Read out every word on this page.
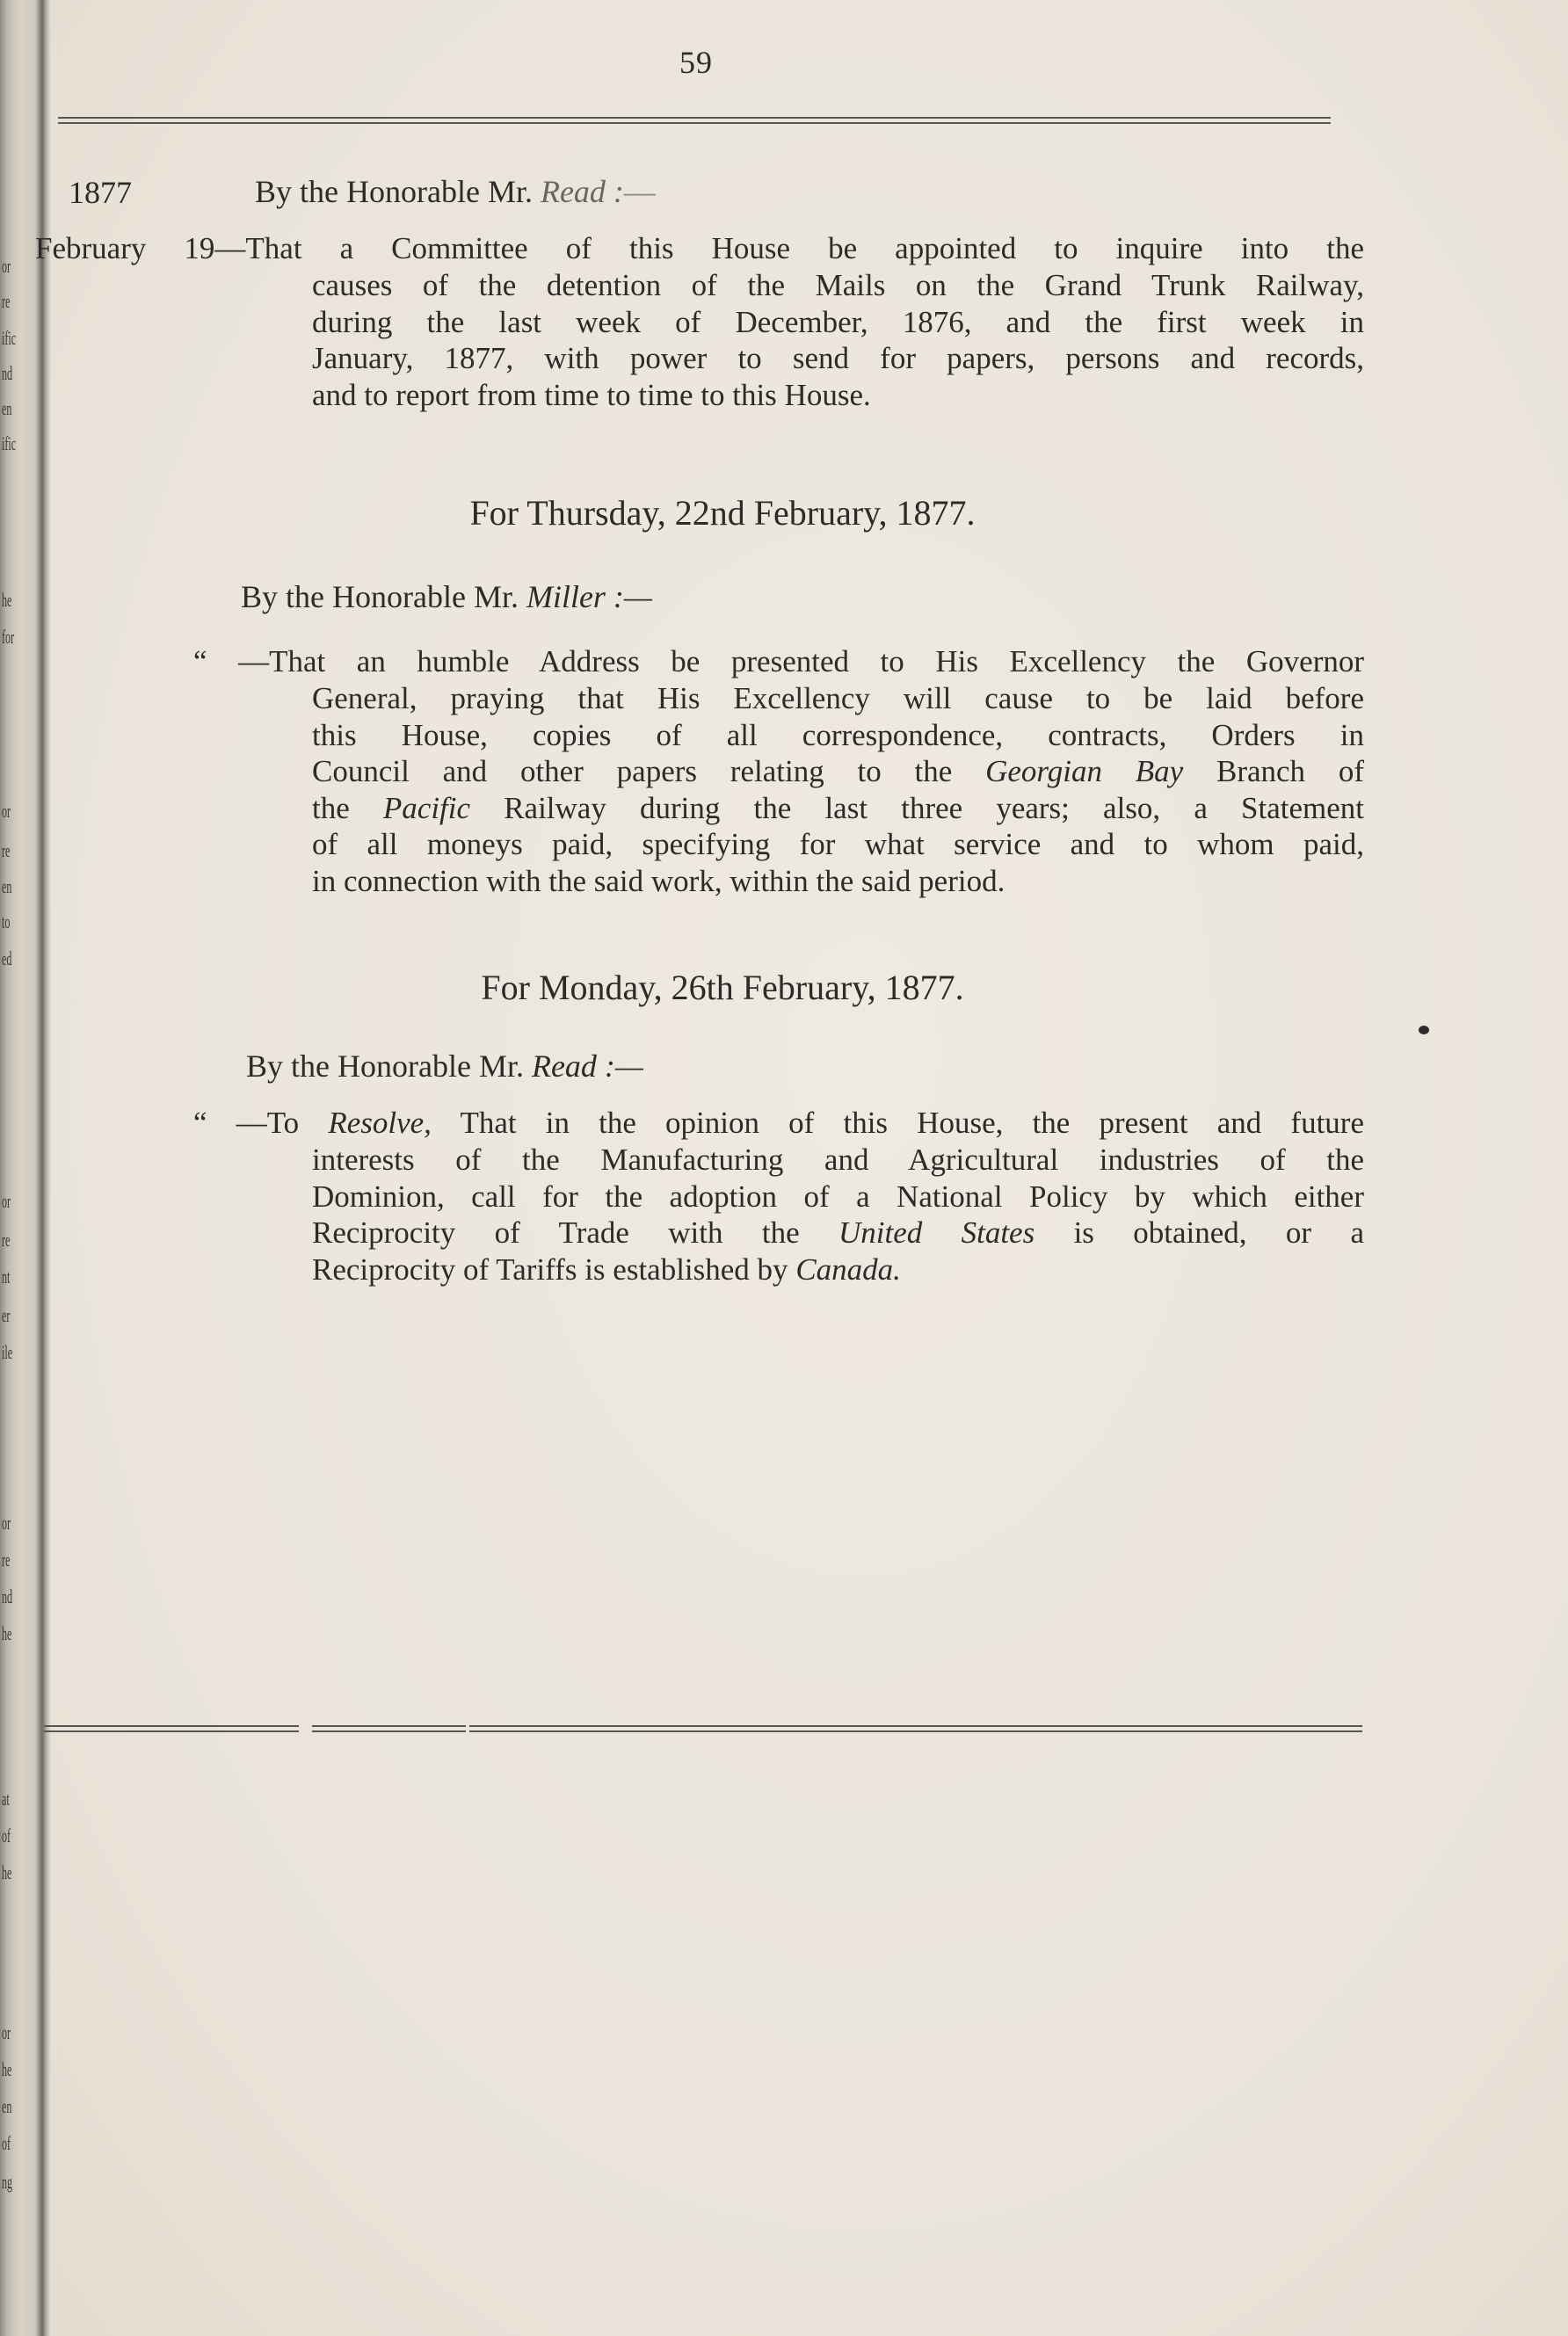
or
re
ific
nd
en
ific
he
for
or
re
en
to
ed
or
re
nt
er
ile
or
re
nd
he
at
of
he
or
he
en
of
ng
59
1877	By the Honorable Mr. Read :—
February 19—That a Committee of this House be appointed to inquire into the
causes of the detention of the Mails on the Grand Trunk Railway,
during the last week of December, 1876, and the first week in
January, 1877, with power to send for papers, persons and records,
and to report from time to time to this House.
For Thursday, 22nd February, 1877.
By the Honorable Mr. Miller :—
“ —That an humble Address be presented to His Excellency the Governor
General, praying that His Excellency will cause to be laid before
this House, copies of all correspondence, contracts, Orders in
Council and other papers relating to the Georgian Bay Branch of
the Pacific Railway during the last three years; also, a Statement
of all moneys paid, specifying for what service and to whom paid,
in connection with the said work, within the said period.
For Monday, 26th February, 1877.
By the Honorable Mr. Read :—
“ —To Resolve, That in the opinion of this House, the present and future
interests of the Manufacturing and Agricultural industries of the
Dominion, call for the adoption of a National Policy by which either
Reciprocity of Trade with the United States is obtained, or a
Reciprocity of Tariffs is established by Canada.
